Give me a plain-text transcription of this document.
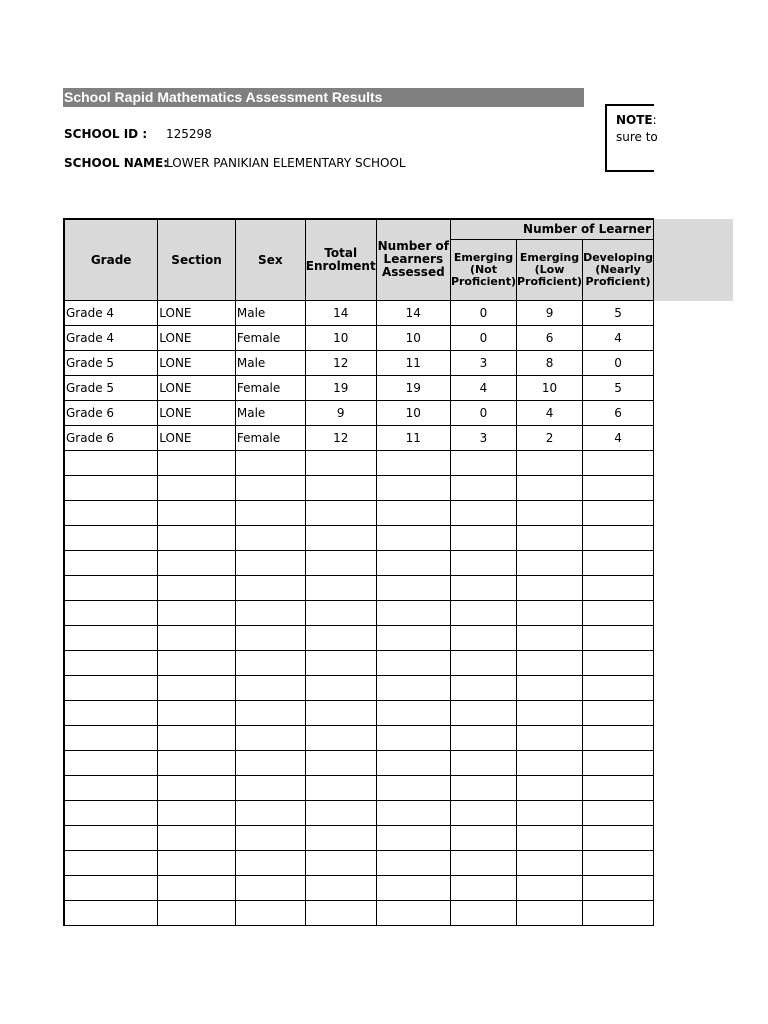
School Rapid Mathematics Assessment Results
SCHOOL ID : 125298
SCHOOL NAME:
LOWER PANIKIAN ELEMENTARY SCHOOL
NOTE:
sure to
Grade	Section	Sex	Total Enrolment	Number of Learners Assessed	Number of Learner		
					Emerging (Not Proficient)	Emerging (Low Proficient)	Developing (Nearly Proficient)
Grade 4	LONE	Male	14	14	0	9	5
Grade 4	LONE	Female	10	10	0	6	4
Grade 5	LONE	Male	12	11	3	8	0
Grade 5	LONE	Female	19	19	4	10	5
Grade 6	LONE	Male	9	10	0	4	6
Grade 6	LONE	Female	12	11	3	2	4
